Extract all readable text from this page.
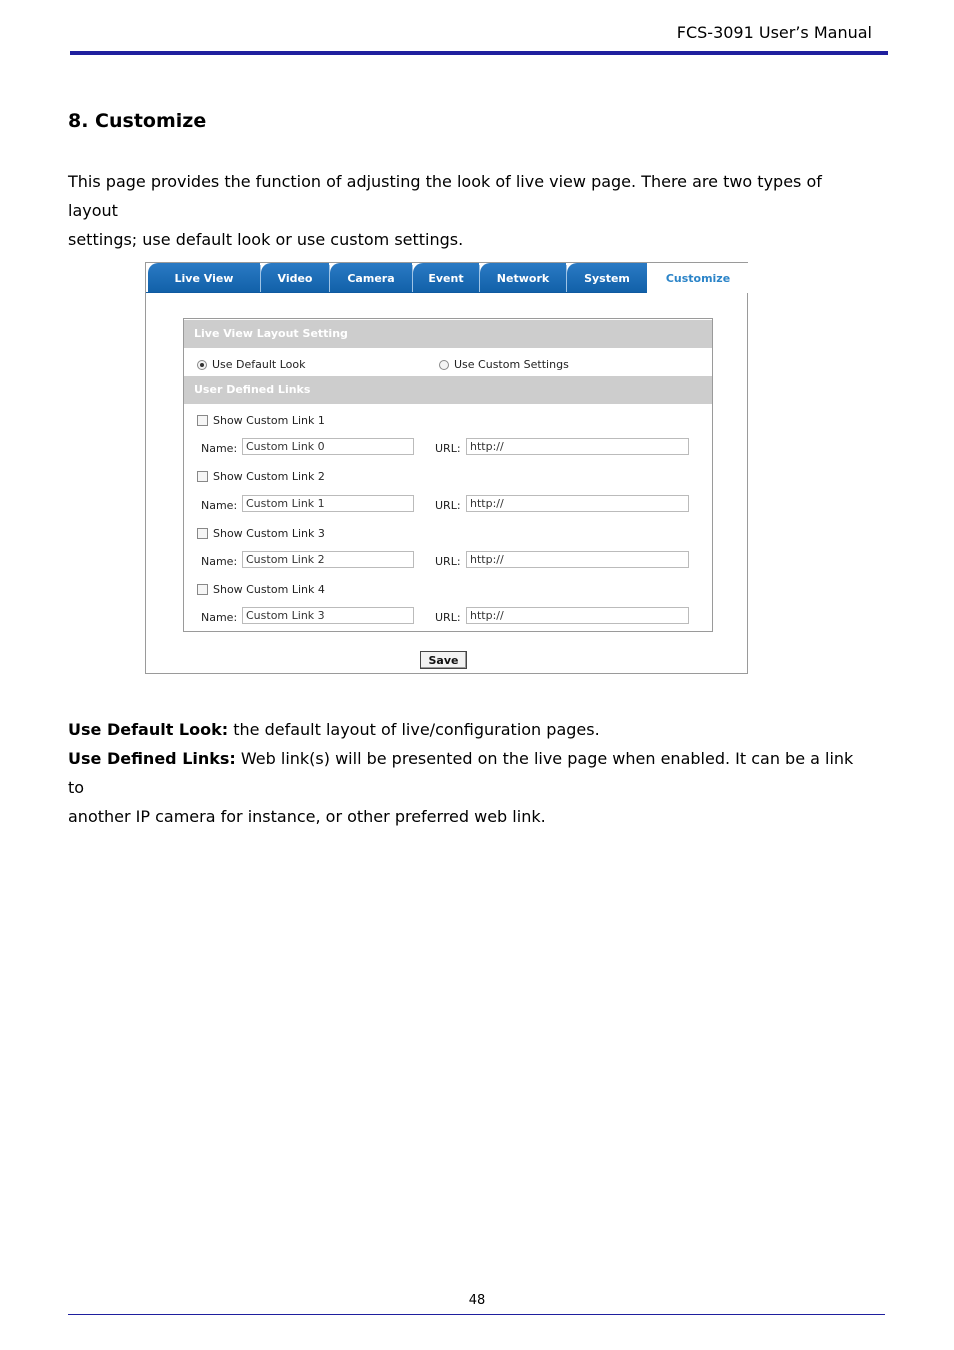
FCS-3091 User’s Manual
8. Customize

This page provides the function of adjusting the look of live view page. There are two types of layout

settings; use default look or use custom settings.

Live View	Video	Camera	Event	Network	System	Customize
Live View Layout Setting
Use Default Look	Use Custom Settings
User Defined Links
Show Custom Link 1
Name: Custom Link 0	URL: http://
Show Custom Link 2
Name: Custom Link 1	URL: http://
Show Custom Link 3
Name: Custom Link 2	URL: http://
Show Custom Link 4
Name: Custom Link 3	URL: http://
Save

Use Default Look: the default layout of live/configuration pages.

Use Defined Links: Web link(s) will be presented on the live page when enabled. It can be a link to

another IP camera for instance, or other preferred web link.

48
